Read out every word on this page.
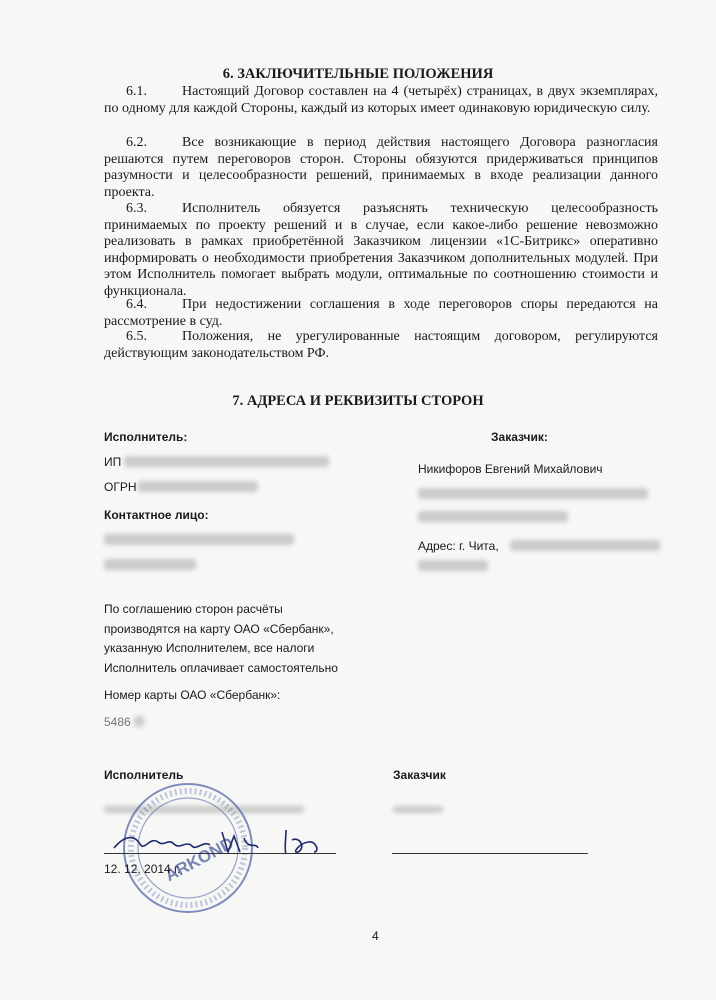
6. ЗАКЛЮЧИТЕЛЬНЫЕ ПОЛОЖЕНИЯ
6.1.	Настоящий Договор составлен на 4 (четырёх) страницах, в двух экземплярах, по одному для каждой Стороны, каждый из которых имеет одинаковую юридическую силу.
6.2.	Все возникающие в период действия настоящего Договора разногласия решаются путем переговоров сторон. Стороны обязуются придерживаться принципов разумности и целесообразности решений, принимаемых в входе реализации данного проекта.
6.3.	Исполнитель обязуется разъяснять техническую целесообразность принимаемых по проекту решений и в случае, если какое-либо решение невозможно реализовать в рамках приобретённой Заказчиком лицензии «1С-Битрикс» оперативно информировать о необходимости приобретения Заказчиком дополнительных модулей. При этом Исполнитель помогает выбрать модули, оптимальные по соотношению стоимости и функционала.
6.4.	При недостижении соглашения в ходе переговоров споры передаются на рассмотрение в суд.
6.5.	Положения, не урегулированные настоящим договором, регулируются действующим законодательством РФ.
7. АДРЕСА И РЕКВИЗИТЫ СТОРОН
Исполнитель:
ИП
ОГРН
Контактное лицо:
Заказчик:
Никифоров Евгений Михайлович
Адрес: г. Чита,
По соглашению сторон расчёты
производятся на карту ОАО «Сбербанк»,
указанную Исполнителем, все налоги
Исполнитель оплачивает самостоятельно
Номер карты ОАО «Сбербанк»:
5486
Исполнитель	Заказчик
ARKOND
12. 12. 2014 г.
4
